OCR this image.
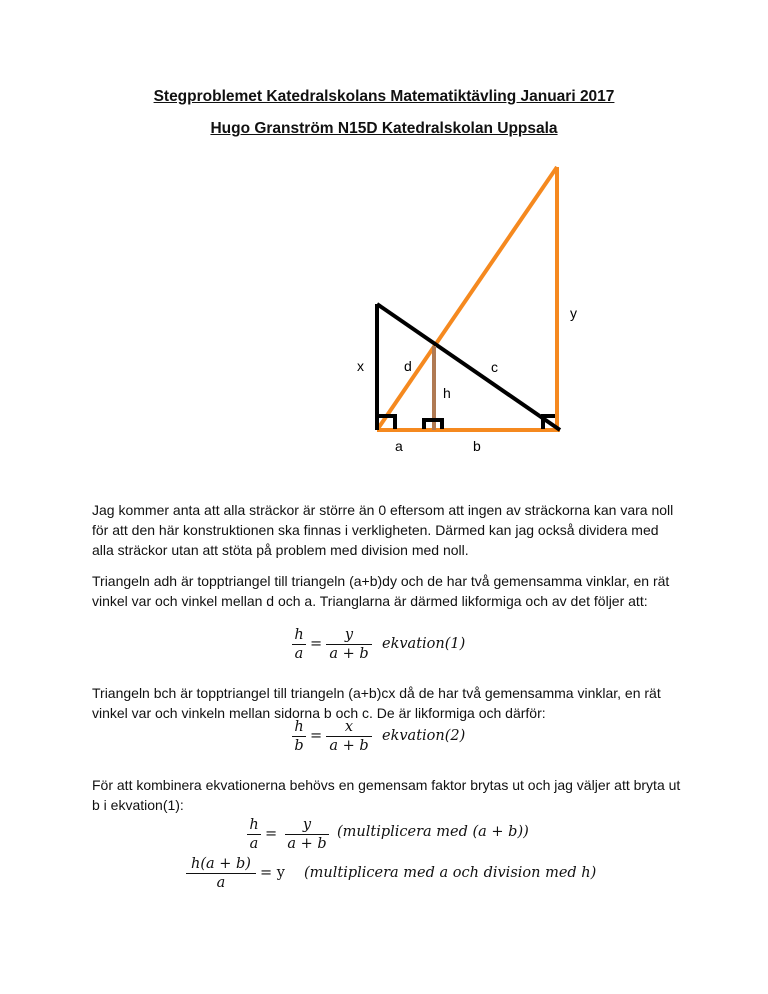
Stegproblemet Katedralskolans Matematiktävling Januari 2017
Hugo Granström N15D Katedralskolan Uppsala
x	d
h
c
y
a	b

Jag kommer anta att alla sträckor är större än 0 eftersom att ingen av sträckorna kan vara noll för att den här konstruktionen ska finnas i verkligheten. Därmed kan jag också dividera med alla sträckor utan att stöta på problem med division med noll.

Triangeln adh är topptriangel till triangeln (a+b)dy och de har två gemensamma vinklar, en rät vinkel var och vinkel mellan d och a. Trianglarna är därmed likformiga och av det följer att:

h
a
=
y
a + b
ekvation(1)

Triangeln bch är topptriangel till triangeln (a+b)cx då de har två gemensamma vinklar, en rät vinkel var och vinkeln mellan sidorna b och c. De är likformiga och därför:

h
b
=
x
a + b
ekvation(2)

För att kombinera ekvationerna behövs en gemensam faktor brytas ut och jag väljer att bryta ut b i ekvation(1):

h
a
=
y
a + b
(multiplicera med (a + b))
h(a + b)
a
= y (multiplicera med a och division med h)
